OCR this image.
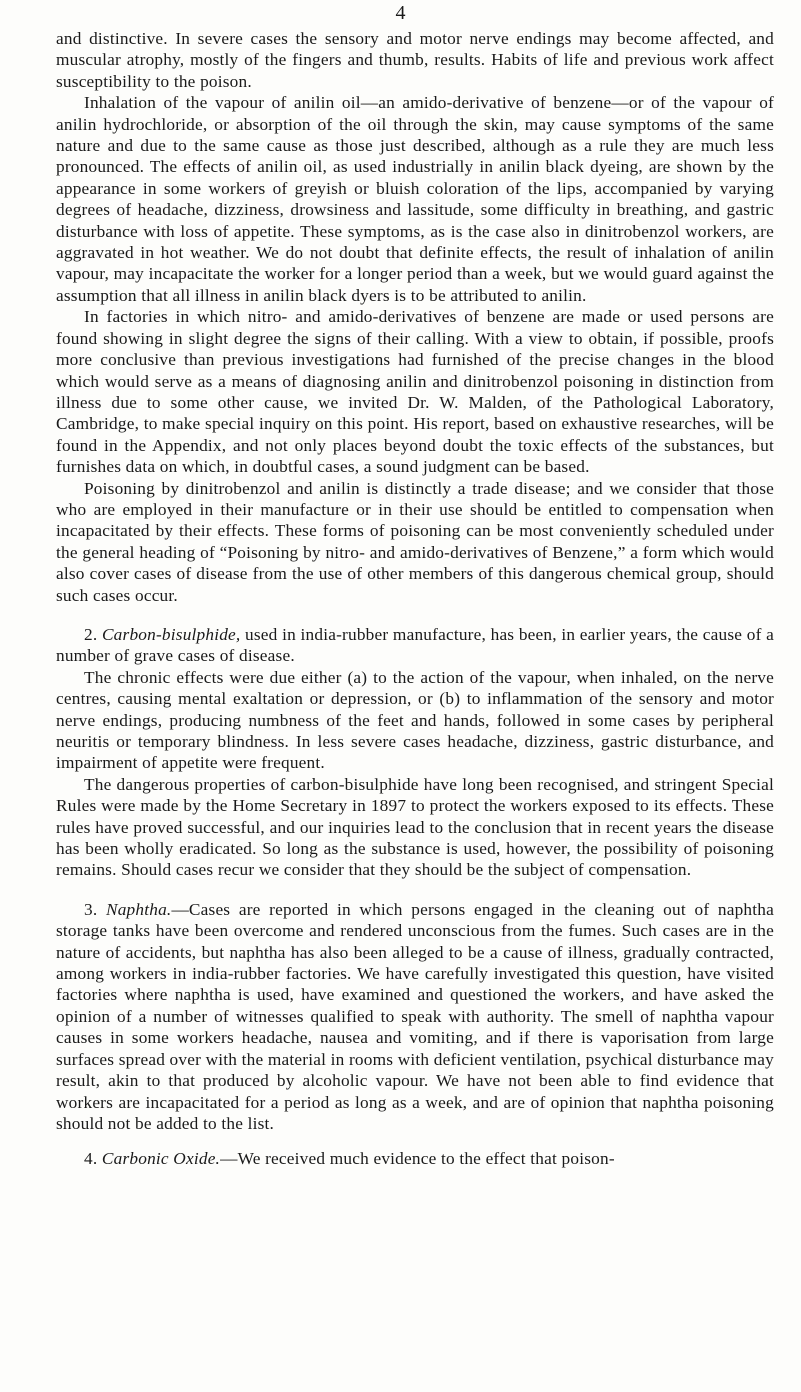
4

and distinctive. In severe cases the sensory and motor nerve endings may become affected, and muscular atrophy, mostly of the fingers and thumb, results. Habits of life and previous work affect susceptibility to the poison.

Inhalation of the vapour of anilin oil—an amido-derivative of benzene—or of the vapour of anilin hydrochloride, or absorption of the oil through the skin, may cause symptoms of the same nature and due to the same cause as those just described, although as a rule they are much less pronounced. The effects of anilin oil, as used industrially in anilin black dyeing, are shown by the appearance in some workers of greyish or bluish coloration of the lips, accompanied by varying degrees of headache, dizziness, drowsiness and lassitude, some difficulty in breathing, and gastric disturbance with loss of appetite. These symptoms, as is the case also in dinitrobenzol workers, are aggravated in hot weather. We do not doubt that definite effects, the result of inhalation of anilin vapour, may incapacitate the worker for a longer period than a week, but we would guard against the assumption that all illness in anilin black dyers is to be attributed to anilin.

In factories in which nitro- and amido-derivatives of benzene are made or used persons are found showing in slight degree the signs of their calling. With a view to obtain, if possible, proofs more conclusive than previous investigations had furnished of the precise changes in the blood which would serve as a means of diagnosing anilin and dinitrobenzol poisoning in distinction from illness due to some other cause, we invited Dr. W. Malden, of the Pathological Laboratory, Cambridge, to make special inquiry on this point. His report, based on exhaustive researches, will be found in the Appendix, and not only places beyond doubt the toxic effects of the substances, but furnishes data on which, in doubtful cases, a sound judgment can be based.

Poisoning by dinitrobenzol and anilin is distinctly a trade disease; and we consider that those who are employed in their manufacture or in their use should be entitled to compensation when incapacitated by their effects. These forms of poisoning can be most conveniently scheduled under the general heading of “Poisoning by nitro- and amido-derivatives of Benzene,” a form which would also cover cases of disease from the use of other members of this dangerous chemical group, should such cases occur.

2. Carbon-bisulphide, used in india-rubber manufacture, has been, in earlier years, the cause of a number of grave cases of disease.

The chronic effects were due either (a) to the action of the vapour, when inhaled, on the nerve centres, causing mental exaltation or depression, or (b) to inflammation of the sensory and motor nerve endings, producing numbness of the feet and hands, followed in some cases by peripheral neuritis or temporary blindness. In less severe cases headache, dizziness, gastric disturbance, and impairment of appetite were frequent.

The dangerous properties of carbon-bisulphide have long been recognised, and stringent Special Rules were made by the Home Secretary in 1897 to protect the workers exposed to its effects. These rules have proved successful, and our inquiries lead to the conclusion that in recent years the disease has been wholly eradicated. So long as the substance is used, however, the possibility of poisoning remains. Should cases recur we consider that they should be the subject of compensation.

3. Naphtha.—Cases are reported in which persons engaged in the cleaning out of naphtha storage tanks have been overcome and rendered unconscious from the fumes. Such cases are in the nature of accidents, but naphtha has also been alleged to be a cause of illness, gradually contracted, among workers in india-rubber factories. We have carefully investigated this question, have visited factories where naphtha is used, have examined and questioned the workers, and have asked the opinion of a number of witnesses qualified to speak with authority. The smell of naphtha vapour causes in some workers headache, nausea and vomiting, and if there is vaporisation from large surfaces spread over with the material in rooms with deficient ventilation, psychical disturbance may result, akin to that produced by alcoholic vapour. We have not been able to find evidence that workers are incapacitated for a period as long as a week, and are of opinion that naphtha poisoning should not be added to the list.

4. Carbonic Oxide.—We received much evidence to the effect that poison-
